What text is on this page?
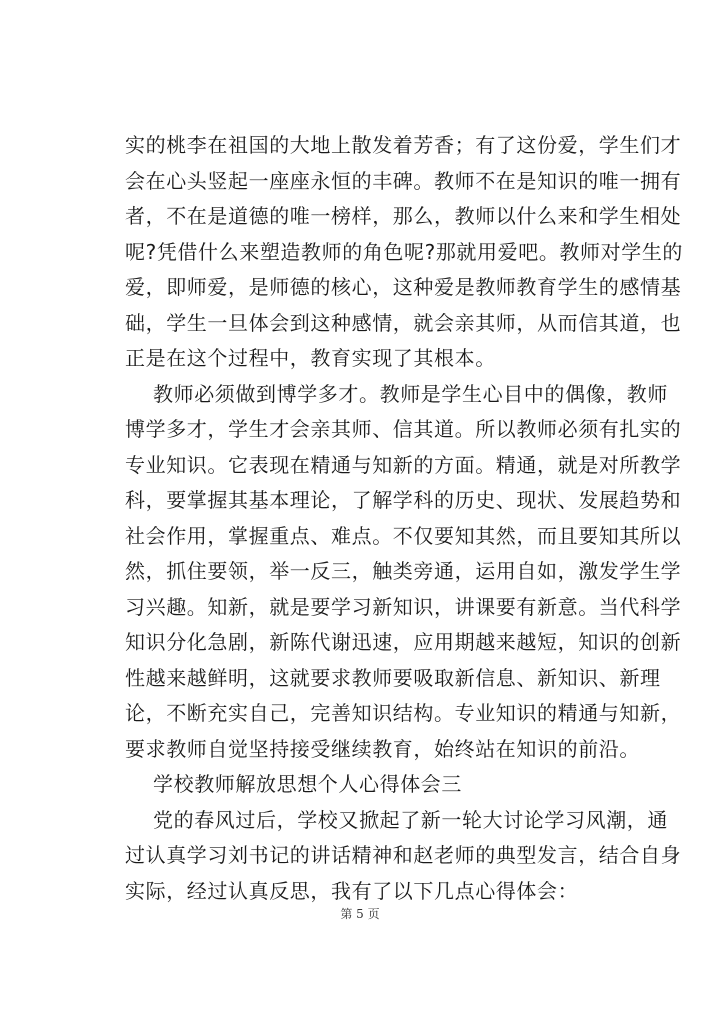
实的桃李在祖国的大地上散发着芳香；有了这份爱，学生们才
会在心头竖起一座座永恒的丰碑。教师不在是知识的唯一拥有
者，不在是道德的唯一榜样，那么，教师以什么来和学生相处
呢?凭借什么来塑造教师的角色呢?那就用爱吧。教师对学生的
爱，即师爱，是师德的核心，这种爱是教师教育学生的感情基
础，学生一旦体会到这种感情，就会亲其师，从而信其道，也
正是在这个过程中，教育实现了其根本。

教师必须做到博学多才。教师是学生心目中的偶像，教师
博学多才，学生才会亲其师、信其道。所以教师必须有扎实的
专业知识。它表现在精通与知新的方面。精通，就是对所教学
科，要掌握其基本理论，了解学科的历史、现状、发展趋势和
社会作用，掌握重点、难点。不仅要知其然，而且要知其所以
然，抓住要领，举一反三，触类旁通，运用自如，激发学生学
习兴趣。知新，就是要学习新知识，讲课要有新意。当代科学
知识分化急剧，新陈代谢迅速，应用期越来越短，知识的创新
性越来越鲜明，这就要求教师要吸取新信息、新知识、新理
论，不断充实自己，完善知识结构。专业知识的精通与知新，
要求教师自觉坚持接受继续教育，始终站在知识的前沿。

学校教师解放思想个人心得体会三

党的春风过后，学校又掀起了新一轮大讨论学习风潮，通
过认真学习刘书记的讲话精神和赵老师的典型发言，结合自身
实际，经过认真反思，我有了以下几点心得体会：

第 5 页
